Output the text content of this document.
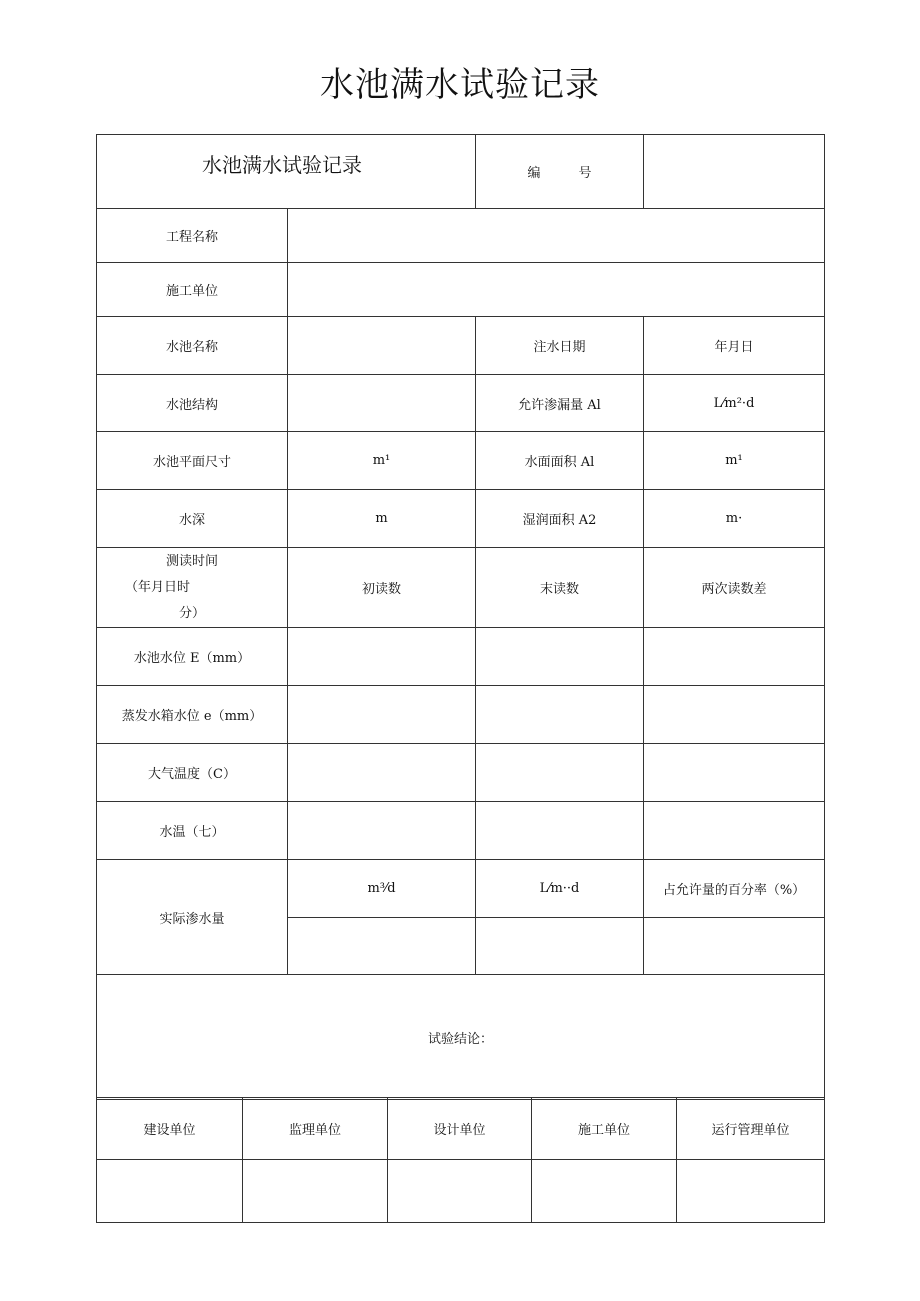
水池满水试验记录
水池满水试验记录		编 号	
工程名称			
施工单位			
水池名称		注水日期	年月日
水池结构		允许渗漏量 Al	L⁄m²·d
水池平面尺寸	m¹	水面面积 Al	m¹
水深	m	湿润面积 A2	m·

测读时间
（年月日时
分）	初读数	末读数	两次读数差
水池水位 E（mm）			
蒸发水箱水位 e（mm）			
大气温度（C）			
水温（七）			
实际渗水量	m³⁄d	L⁄m··d	占允许量的百分率（%）

试验结论：			
建设单位	监理单位	设计单位	施工单位	运行管理单位
